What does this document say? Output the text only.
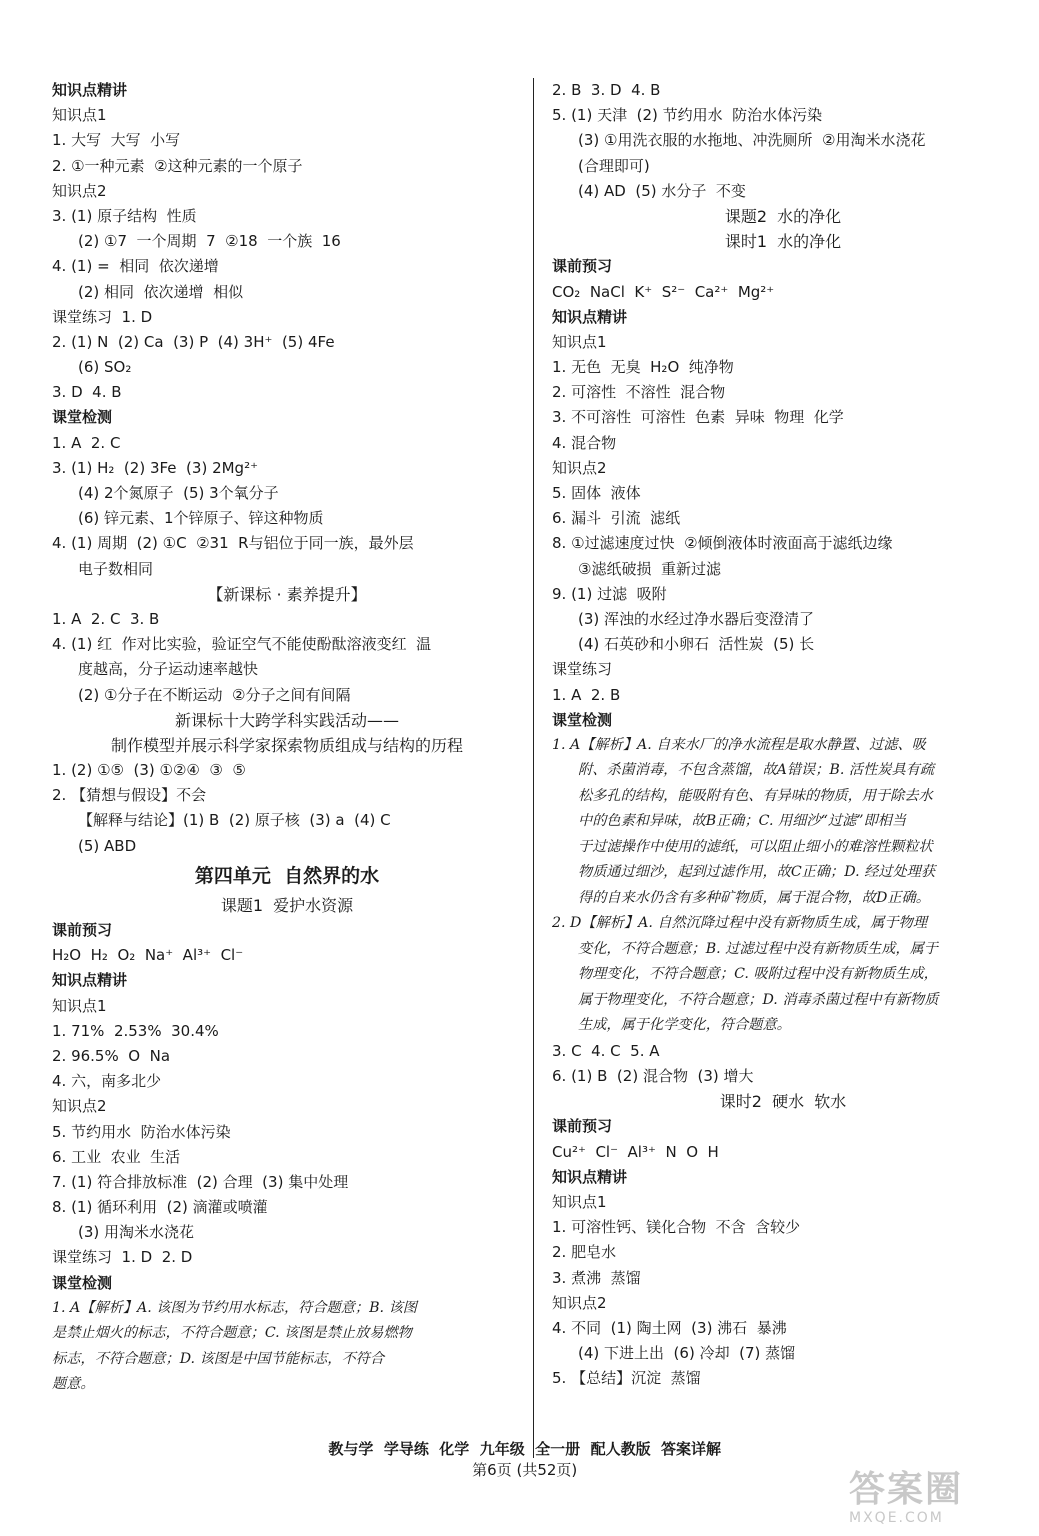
知识点精讲
知识点1
1. 大写  大写  小写
2. ①一种元素  ②这种元素的一个原子
知识点2
3. (1) 原子结构  性质
(2) ①7  一个周期  7  ②18  一个族  16
4. (1) =  相同  依次递增
(2) 相同  依次递增  相似
课堂练习  1. D
2. (1) N  (2) Ca  (3) P  (4) 3H⁺  (5) 4Fe
(6) SO₂
3. D  4. B
课堂检测
1. A  2. C
3. (1) H₂  (2) 3Fe  (3) 2Mg²⁺
(4) 2个氮原子  (5) 3个氧分子
(6) 锌元素、1个锌原子、锌这种物质
4. (1) 周期  (2) ①C  ②31  R与铝位于同一族，最外层
电子数相同
【新课标 · 素养提升】
1. A  2. C  3. B
4. (1) 红  作对比实验，验证空气不能使酚酞溶液变红  温
度越高，分子运动速率越快
(2) ①分子在不断运动  ②分子之间有间隔
新课标十大跨学科实践活动——
制作模型并展示科学家探索物质组成与结构的历程
1. (2) ①⑤  (3) ①②④  ③  ⑤
2. 【猜想与假设】不会
【解释与结论】(1) B  (2) 原子核  (3) a  (4) C
(5) ABD
第四单元  自然界的水
课题1  爱护水资源
课前预习
H₂O  H₂  O₂  Na⁺  Al³⁺  Cl⁻
知识点精讲
知识点1
1. 71%  2.53%  30.4%
2. 96.5%  O  Na
4. 六，南多北少
知识点2
5. 节约用水  防治水体污染
6. 工业  农业  生活
7. (1) 符合排放标准  (2) 合理  (3) 集中处理
8. (1) 循环利用  (2) 滴灌或喷灌
(3) 用淘米水浇花
课堂练习  1. D  2. D
课堂检测
1. A【解析】A. 该图为节约用水标志，符合题意；B. 该图
是禁止烟火的标志，不符合题意；C. 该图是禁止放易燃物
标志，不符合题意；D. 该图是中国节能标志，不符合
题意。
2. B  3. D  4. B
5. (1) 天津  (2) 节约用水  防治水体污染
(3) ①用洗衣服的水拖地、冲洗厕所  ②用淘米水浇花
(合理即可)
(4) AD  (5) 水分子  不变
课题2  水的净化
课时1  水的净化
课前预习
CO₂  NaCl  K⁺  S²⁻  Ca²⁺  Mg²⁺
知识点精讲
知识点1
1. 无色  无臭  H₂O  纯净物
2. 可溶性  不溶性  混合物
3. 不可溶性  可溶性  色素  异味  物理  化学
4. 混合物
知识点2
5. 固体  液体
6. 漏斗  引流  滤纸
8. ①过滤速度过快  ②倾倒液体时液面高于滤纸边缘
③滤纸破损  重新过滤
9. (1) 过滤  吸附
(3) 浑浊的水经过净水器后变澄清了
(4) 石英砂和小卵石  活性炭  (5) 长
课堂练习
1. A  2. B
课堂检测
1. A【解析】A. 自来水厂的净水流程是取水静置、过滤、吸
附、杀菌消毒，不包含蒸馏，故A错误；B. 活性炭具有疏
松多孔的结构，能吸附有色、有异味的物质，用于除去水
中的色素和异味，故B正确；C. 用细沙“过滤”即相当
于过滤操作中使用的滤纸，可以阻止细小的难溶性颗粒状
物质通过细沙，起到过滤作用，故C正确；D. 经过处理获
得的自来水仍含有多种矿物质，属于混合物，故D正确。
2. D【解析】A. 自然沉降过程中没有新物质生成，属于物理
变化，不符合题意；B. 过滤过程中没有新物质生成，属于
物理变化，不符合题意；C. 吸附过程中没有新物质生成，
属于物理变化，不符合题意；D. 消毒杀菌过程中有新物质
生成，属于化学变化，符合题意。
3. C  4. C  5. A
6. (1) B  (2) 混合物  (3) 增大
课时2  硬水  软水
课前预习
Cu²⁺  Cl⁻  Al³⁺  N  O  H
知识点精讲
知识点1
1. 可溶性钙、镁化合物  不含  含较少
2. 肥皂水
3. 煮沸  蒸馏
知识点2
4. 不同  (1) 陶土网  (3) 沸石  暴沸
(4) 下进上出  (6) 冷却  (7) 蒸馏
5. 【总结】沉淀  蒸馏

教与学  学导练  化学  九年级  全一册  配人教版  答案详解
第6页 (共52页)	答案圈
MXQE.COM
